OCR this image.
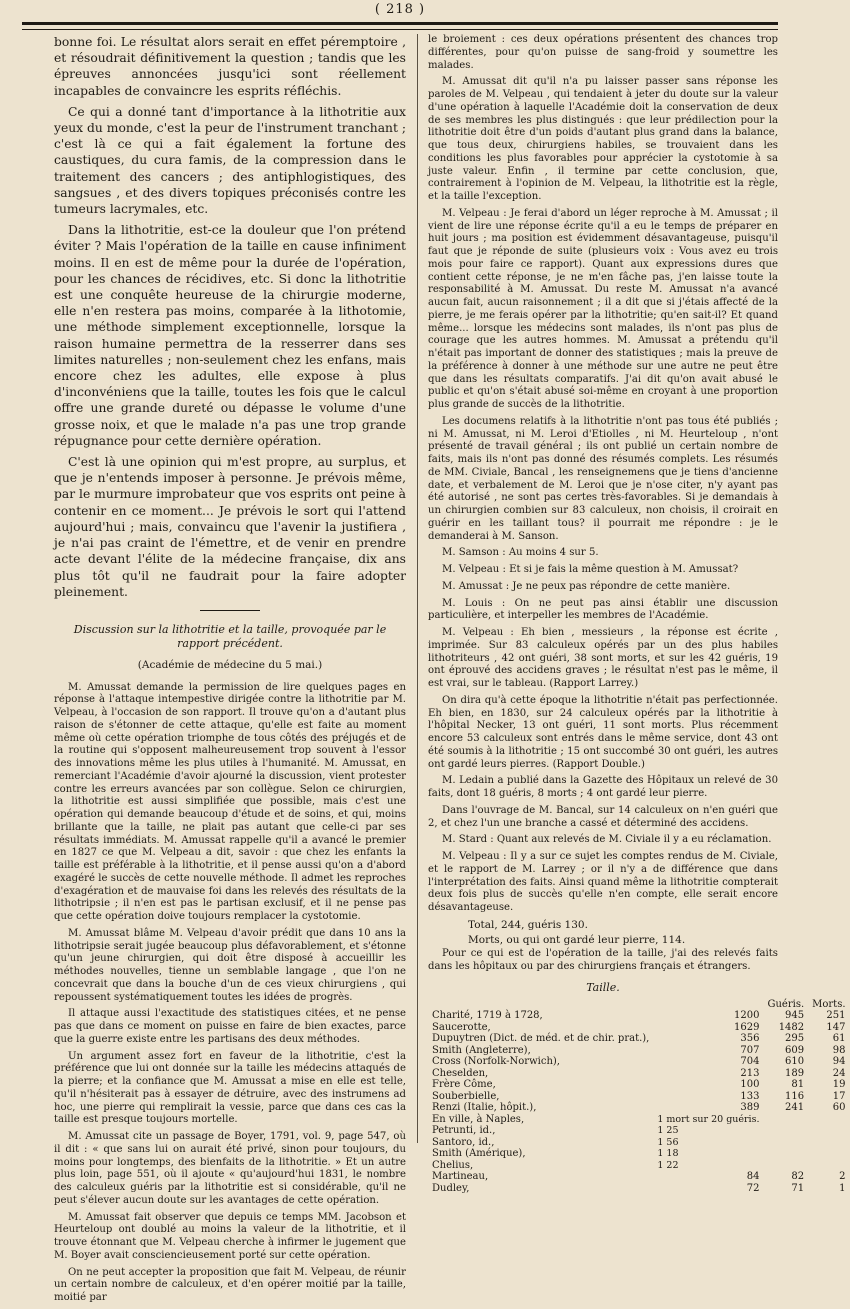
( 218 )

bonne foi. Le résultat alors serait en effet péremptoire , et résoudrait définitivement la question ; tandis que les épreuves annoncées jusqu'ici sont réellement incapables de convaincre les esprits réfléchis.

Ce qui a donné tant d'importance à la lithotritie aux yeux du monde, c'est la peur de l'instrument tranchant ; c'est là ce qui a fait également la fortune des caustiques, du cura famis, de la compression dans le traitement des cancers ; des antiphlogistiques, des sangsues , et des divers topiques préconisés contre les tumeurs lacrymales, etc.

Dans la lithotritie, est-ce la douleur que l'on prétend éviter ? Mais l'opération de la taille en cause infiniment moins. Il en est de même pour la durée de l'opération, pour les chances de récidives, etc. Si donc la lithotritie est une conquête heureuse de la chirurgie moderne, elle n'en restera pas moins, comparée à la lithotomie, une méthode simplement exceptionnelle, lorsque la raison humaine permettra de la resserrer dans ses limites naturelles ; non-seulement chez les enfans, mais encore chez les adultes, elle expose à plus d'inconvéniens que la taille, toutes les fois que le calcul offre une grande dureté ou dépasse le volume d'une grosse noix, et que le malade n'a pas une trop grande répugnance pour cette dernière opération.

C'est là une opinion qui m'est propre, au surplus, et que je n'entends imposer à personne. Je prévois même, par le murmure improbateur que vos esprits ont peine à contenir en ce moment... Je prévois le sort qui l'attend aujourd'hui ; mais, convaincu que l'avenir la justifiera , je n'ai pas craint de l'émettre, et de venir en prendre acte devant l'élite de la médecine française, dix ans plus tôt qu'il ne faudrait pour la faire adopter pleinement.

Discussion sur la lithotritie et la taille, provoquée par le rapport précédent.

(Académie de médecine du 5 mai.)

M. Amussat demande la permission de lire quelques pages en réponse à l'attaque intempestive dirigée contre la lithotritie par M. Velpeau, à l'occasion de son rapport. Il trouve qu'on a d'autant plus raison de s'étonner de cette attaque, qu'elle est faite au moment même où cette opération triomphe de tous côtés des préjugés et de la routine qui s'opposent malheureusement trop souvent à l'essor des innovations même les plus utiles à l'humanité. M. Amussat, en remerciant l'Académie d'avoir ajourné la discussion, vient protester contre les erreurs avancées par son collègue. Selon ce chirurgien, la lithotritie est aussi simplifiée que possible, mais c'est une opération qui demande beaucoup d'étude et de soins, et qui, moins brillante que la taille, ne plait pas autant que celle-ci par ses résultats immédiats. M. Amussat rappelle qu'il a avancé le premier en 1827 ce que M. Velpeau a dit, savoir : que chez les enfants la taille est préférable à la lithotritie, et il pense aussi qu'on a d'abord exagéré le succès de cette nouvelle méthode. Il admet les reproches d'exagération et de mauvaise foi dans les relevés des résultats de la lithotripsie ; il n'en est pas le partisan exclusif, et il ne pense pas que cette opération doive toujours remplacer la cystotomie.

M. Amussat blâme M. Velpeau d'avoir prédit que dans 10 ans la lithotripsie serait jugée beaucoup plus défavorablement, et s'étonne qu'un jeune chirurgien, qui doit être disposé à accueillir les méthodes nouvelles, tienne un semblable langage , que l'on ne concevrait que dans la bouche d'un de ces vieux chirurgiens , qui repoussent systématiquement toutes les idées de progrès.

Il attaque aussi l'exactitude des statistiques citées, et ne pense pas que dans ce moment on puisse en faire de bien exactes, parce que la guerre existe entre les partisans des deux méthodes.

Un argument assez fort en faveur de la lithotritie, c'est la préférence que lui ont donnée sur la taille les médecins attaqués de la pierre; et la confiance que M. Amussat a mise en elle est telle, qu'il n'hésiterait pas à essayer de détruire, avec des instrumens ad hoc, une pierre qui remplirait la vessie, parce que dans ces cas la taille est presque toujours mortelle.

M. Amussat cite un passage de Boyer, 1791, vol. 9, page 547, où il dit : « que sans lui on aurait été privé, sinon pour toujours, du moins pour longtemps, des bienfaits de la lithotritie. » Et un autre plus loin, page 551, où il ajoute « qu'aujourd'hui 1831, le nombre des calculeux guéris par la lithotritie est si considérable, qu'il ne peut s'élever aucun doute sur les avantages de cette opération.

M. Amussat fait observer que depuis ce temps MM. Jacobson et Heurteloup ont doublé au moins la valeur de la lithotritie, et il trouve étonnant que M. Velpeau cherche à infirmer le jugement que M. Boyer avait consciencieusement porté sur cette opération.

On ne peut accepter la proposition que fait M. Velpeau, de réunir un certain nombre de calculeux, et d'en opérer moitié par la taille, moitié par

le broiement : ces deux opérations présentent des chances trop différentes, pour qu'on puisse de sang-froid y soumettre les malades.

M. Amussat dit qu'il n'a pu laisser passer sans réponse les paroles de M. Velpeau , qui tendaient à jeter du doute sur la valeur d'une opération à laquelle l'Académie doit la conservation de deux de ses membres les plus distingués : que leur prédilection pour la lithotritie doit être d'un poids d'autant plus grand dans la balance, que tous deux, chirurgiens habiles, se trouvaient dans les conditions les plus favorables pour apprécier la cystotomie à sa juste valeur. Enfin , il termine par cette conclusion, que, contrairement à l'opinion de M. Velpeau, la lithotritie est la règle, et la taille l'exception.

M. Velpeau : Je ferai d'abord un léger reproche à M. Amussat ; il vient de lire une réponse écrite qu'il a eu le temps de préparer en huit jours ; ma position est évidemment désavantageuse, puisqu'il faut que je réponde de suite (plusieurs voix : Vous avez eu trois mois pour faire ce rapport). Quant aux expressions dures que contient cette réponse, je ne m'en fâche pas, j'en laisse toute la responsabilité à M. Amussat. Du reste M. Amussat n'a avancé aucun fait, aucun raisonnement ; il a dit que si j'étais affecté de la pierre, je me ferais opérer par la lithotritie; qu'en sait-il? Et quand même... lorsque les médecins sont malades, ils n'ont pas plus de courage que les autres hommes. M. Amussat a prétendu qu'il n'était pas important de donner des statistiques ; mais la preuve de la préférence à donner à une méthode sur une autre ne peut être que dans les résultats comparatifs. J'ai dit qu'on avait abusé le public et qu'on s'était abusé soi-même en croyant à une proportion plus grande de succès de la lithotritie.

Les documens relatifs à la lithotritie n'ont pas tous été publiés ; ni M. Amussat, ni M. Leroi d'Etiolles , ni M. Heurteloup , n'ont présenté de travail général ; ils ont publié un certain nombre de faits, mais ils n'ont pas donné des résumés complets. Les résumés de MM. Civiale, Bancal , les renseignemens que je tiens d'ancienne date, et verbalement de M. Leroi que je n'ose citer, n'y ayant pas été autorisé , ne sont pas certes très-favorables. Si je demandais à un chirurgien combien sur 83 calculeux, non choisis, il croirait en guérir en les taillant tous? il pourrait me répondre : je le demanderai à M. Sanson.

M. Samson : Au moins 4 sur 5.

M. Velpeau : Et si je fais la même question à M. Amussat?

M. Amussat : Je ne peux pas répondre de cette manière.

M. Louis : On ne peut pas ainsi établir une discussion particulière, et interpeller les membres de l'Académie.

M. Velpeau : Eh bien , messieurs , la réponse est écrite , imprimée. Sur 83 calculeux opérés par un des plus habiles lithotriteurs , 42 ont guéri, 38 sont morts, et sur les 42 guéris, 19 ont éprouvé des accidens graves ; le résultat n'est pas le même, il est vrai, sur le tableau. (Rapport Larrey.)

On dira qu'à cette époque la lithotritie n'était pas perfectionnée. Eh bien, en 1830, sur 24 calculeux opérés par la lithotritie à l'hôpital Necker, 13 ont guéri, 11 sont morts. Plus récemment encore 53 calculeux sont entrés dans le même service, dont 43 ont été soumis à la lithotritie ; 15 ont succombé 30 ont guéri, les autres ont gardé leurs pierres. (Rapport Double.)

M. Ledain a publié dans la Gazette des Hôpitaux un relevé de 30 faits, dont 18 guéris, 8 morts ; 4 ont gardé leur pierre.

Dans l'ouvrage de M. Bancal, sur 14 calculeux on n'en guéri que 2, et chez l'un une branche a cassé et déterminé des accidens.

M. Stard : Quant aux relevés de M. Civiale il y a eu réclamation.

M. Velpeau : Il y a sur ce sujet les comptes rendus de M. Civiale, et le rapport de M. Larrey ; or il n'y a de différence que dans l'interprétation des faits. Ainsi quand même la lithotritie compterait deux fois plus de succès qu'elle n'en compte, elle serait encore désavantageuse.

Total, 244, guéris 130.

Morts, ou qui ont gardé leur pierre, 114.

Pour ce qui est de l'opération de la taille, j'ai des relevés faits dans les hôpitaux ou par des chirurgiens français et étrangers.

Taille.
		Guéris.	Morts.
Charité, 1719 à 1728,	1200	945	251
Saucerotte,	1629	1482	147
Dupuytren (Dict. de méd. et de chir. prat.),	356	295	61
Smith (Angleterre),	707	609	98
Cross (Norfolk-Norwich),	704	610	94
Cheselden,	213	189	24
Frère Côme,	100	81	19
Souberbielle,	133	116	17
Renzi (Italie, hôpit.),	389	241	60
En ville, à Naples,	1 mort sur 20 guéris.		
Petrunti, id.,	1 25		
Santoro, id.,	1 56		
Smith (Amérique),	1 18		
Chelius,	1 22		
Martineau,	84	82	2
Dudley,	72	71	1
